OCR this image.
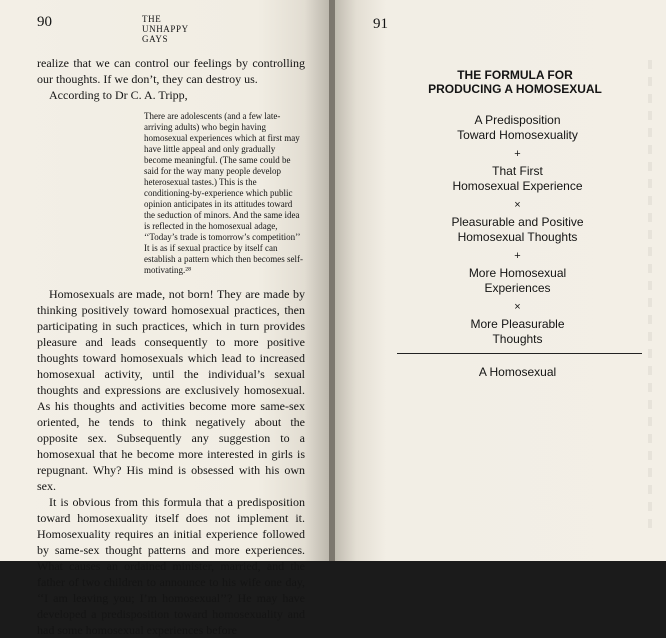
90	THE
UNHAPPY
GAYS

realize that we can control our feelings by controlling our thoughts. If we don’t, they can destroy us.

According to Dr C. A. Tripp,

There are adolescents (and a few late-arriving adults) who begin having homosexual experiences which at first may have little appeal and only gradually become meaningful. (The same could be said for the way many people develop heterosexual tastes.) This is the conditioning-by-experience which public opinion anticipates in its attitudes toward the seduction of minors. And the same idea is reflected in the homosexual adage, ‘‘Today’s trade is tomorrow’s competition’’ It is as if sexual practice by itself can establish a pattern which then becomes self-motivating.²⁸

Homosexuals are made, not born! They are made by thinking positively toward homosexual practices, then participating in such practices, which in turn provides pleasure and leads consequently to more positive thoughts toward homosexuals which lead to increased homosexual activity, until the individual’s sexual thoughts and expressions are exclusively homosexual. As his thoughts and activities become more same-sex oriented, he tends to think negatively about the opposite sex. Subsequently any suggestion to a homosexual that he become more interested in girls is repugnant. Why? His mind is obsessed with his own sex.

It is obvious from this formula that a predisposition toward homosexuality itself does not implement it. Homosexuality requires an initial experience followed by same-sex thought patterns and more experiences. What causes an ordained minister, married, and the father of two children to announce to his wife one day, ‘‘I am leaving you; I’m homosexual’’? He may have developed a predisposition toward homosexuality and had some homosexual experiences before

91
THE FORMULA FOR
PRODUCING A HOMOSEXUAL
A Predisposition
Toward Homosexuality
+
That First
Homosexual Experience
×
Pleasurable and Positive
Homosexual Thoughts
+
More Homosexual
Experiences
×
More Pleasurable
Thoughts
A Homosexual
